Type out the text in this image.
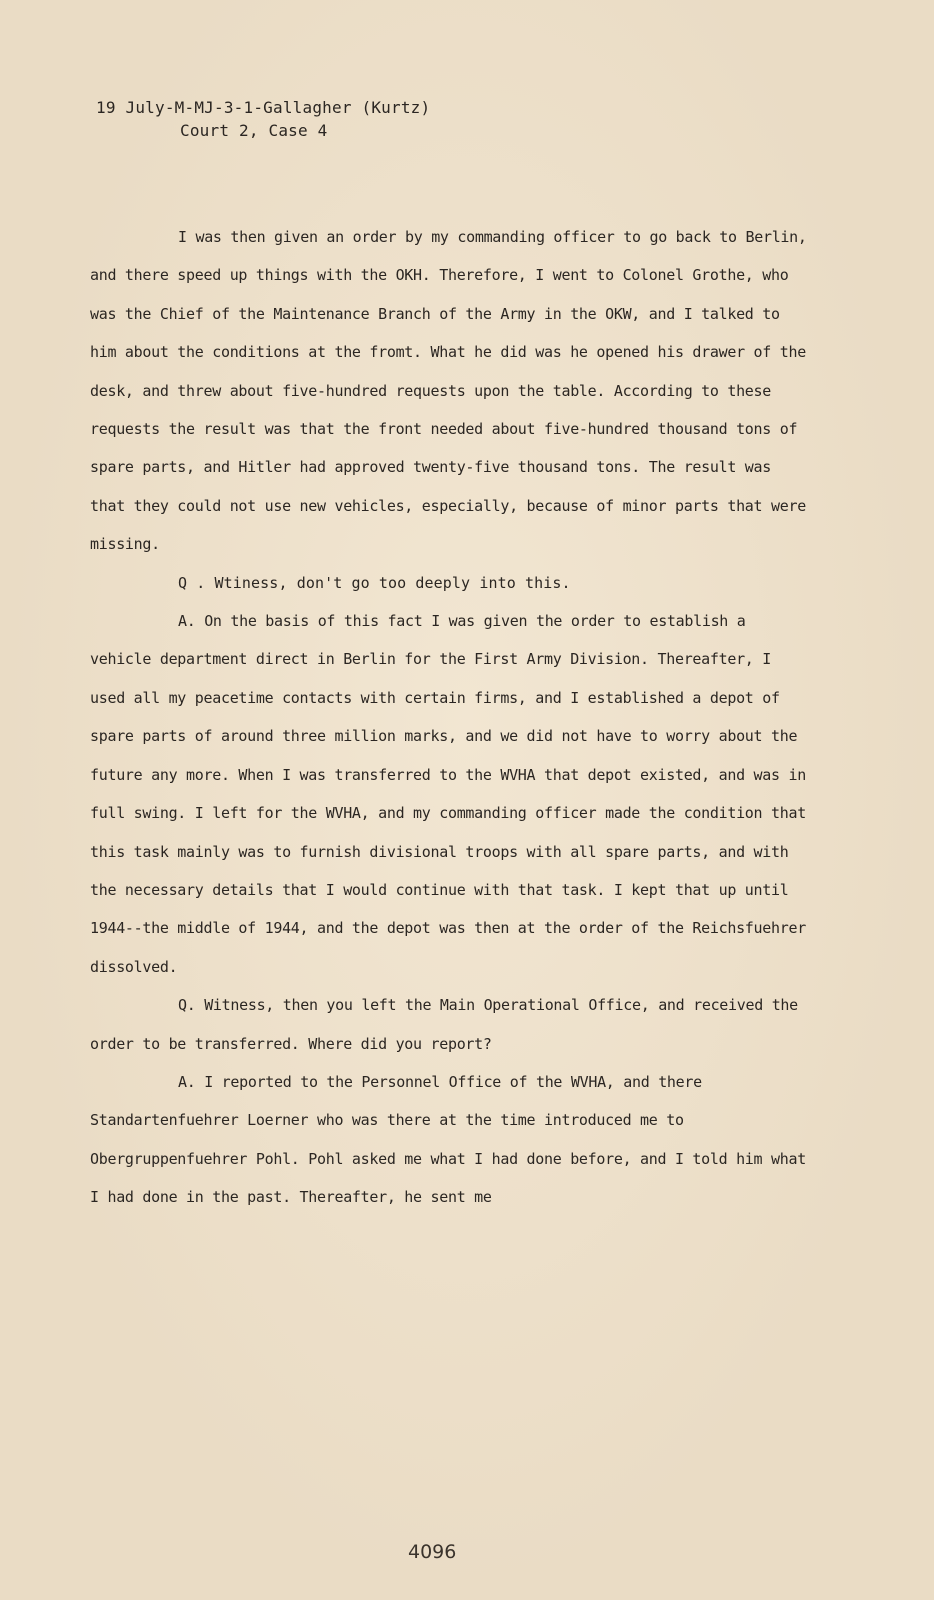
19 July-M-MJ-3-1-Gallagher (Kurtz)
Court 2, Case 4

I was then given an order by my commanding officer to go back to Berlin, and there speed up things with the OKH. Therefore, I went to Colonel Grothe, who was the Chief of the Maintenance Branch of the Army in the OKW, and I talked to him about the conditions at the fromt. What he did was he opened his drawer of the desk, and threw about five-hundred requests upon the table. According to these requests the result was that the front needed about five-hundred thousand tons of spare parts, and Hitler had approved twenty-five thousand tons. The result was that they could not use new vehicles, especially, because of minor parts that were missing.

Q . Wtiness, don't go too deeply into this.

A. On the basis of this fact I was given the order to establish a vehicle department direct in Berlin for the First Army Division. Thereafter, I used all my peacetime contacts with certain firms, and I established a depot of spare parts of around three million marks, and we did not have to worry about the future any more. When I was transferred to the WVHA that depot existed, and was in full swing. I left for the WVHA, and my commanding officer made the condition that this task mainly was to furnish divisional troops with all spare parts, and with the necessary details that I would continue with that task. I kept that up until 1944--the middle of 1944, and the depot was then at the order of the Reichsfuehrer dissolved.

Q. Witness, then you left the Main Operational Office, and received the order to be transferred. Where did you report?

A. I reported to the Personnel Office of the WVHA, and there Standartenfuehrer Loerner who was there at the time introduced me to Obergruppenfuehrer Pohl. Pohl asked me what I had done before, and I told him what I had done in the past. Thereafter, he sent me

4096
